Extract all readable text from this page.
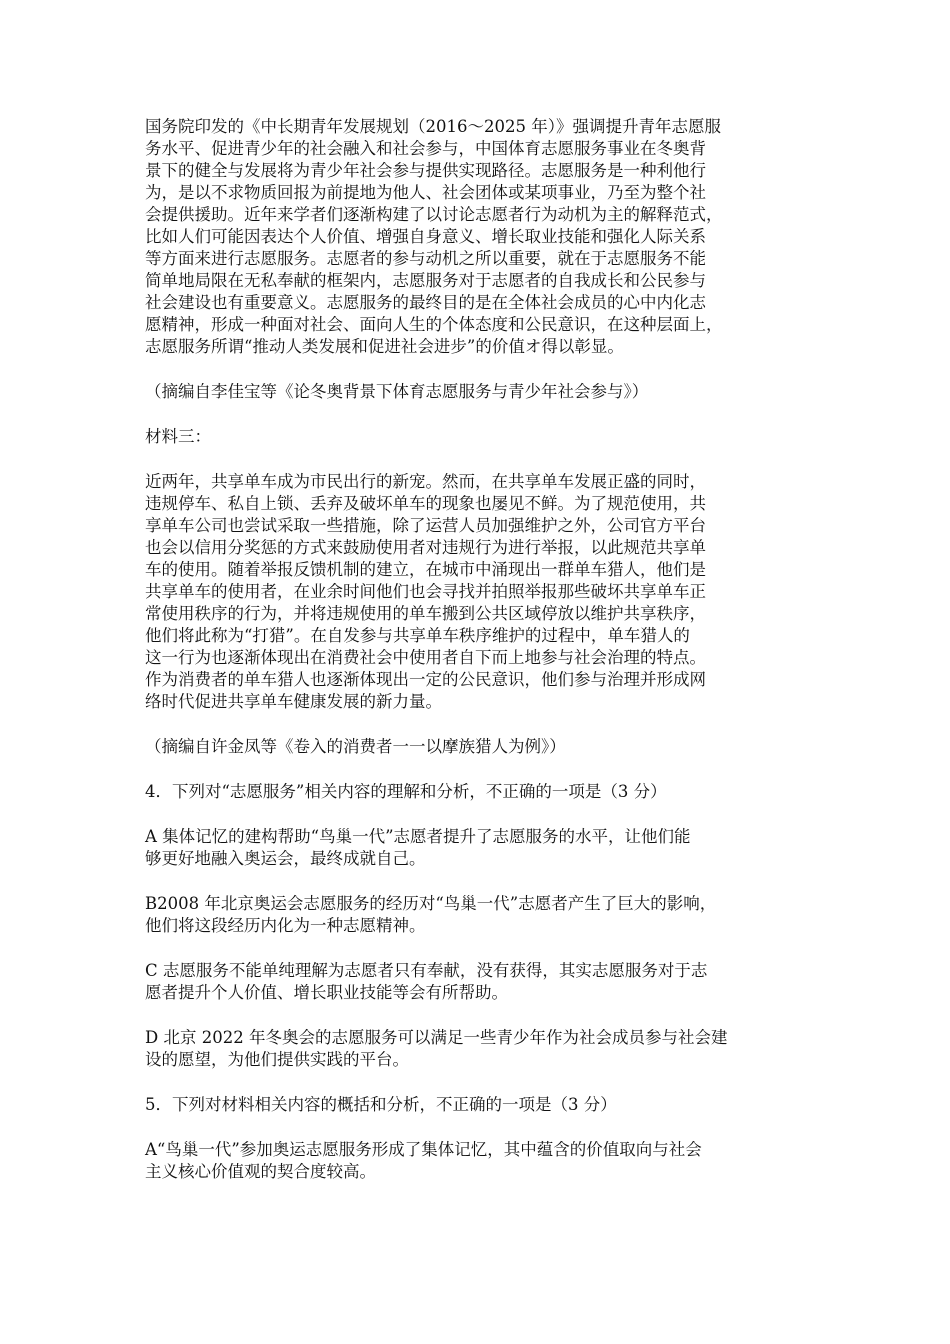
国务院印发的《中长期青年发展规划（2016～2025 年）》强调提升青年志愿服
务水平、促进青少年的社会融入和社会参与，中国体育志愿服务事业在冬奥背
景下的健全与发展将为青少年社会参与提供实现路径。志愿服务是一种利他行
为，是以不求物质回报为前提地为他人、社会团体或某项事业，乃至为整个社
会提供援助。近年来学者们逐渐构建了以讨论志愿者行为动机为主的解释范式，
比如人们可能因表达个人价值、增强自身意义、增长取业技能和强化人际关系
等方面来进行志愿服务。志愿者的参与动机之所以重要，就在于志愿服务不能
简单地局限在无私奉献的框架内，志愿服务对于志愿者的自我成长和公民参与
社会建设也有重要意义。志愿服务的最终目的是在全体社会成员的心中内化志
愿精神，形成一种面对社会、面向人生的个体态度和公民意识，在这种层面上，
志愿服务所谓“推动人类发展和促进社会进步”的价值オ得以彰显。

（摘编自李佳宝等《论冬奥背景下体育志愿服务与青少年社会参与》）

材料三：

近两年，共享单车成为市民出行的新宠。然而，在共享单车发展正盛的同时，
违规停车、私自上锁、丢弃及破坏单车的现象也屡见不鲜。为了规范使用，共
享单车公司也尝试采取一些措施，除了运营人员加强维护之外，公司官方平台
也会以信用分奖惩的方式来鼓励使用者对违规行为进行举报，以此规范共享单
车的使用。随着举报反馈机制的建立，在城市中涌现出一群单车猎人，他们是
共享单车的使用者，在业余时间他们也会寻找并拍照举报那些破坏共享单车正
常使用秩序的行为，并将违规使用的单车搬到公共区域停放以维护共享秩序，
他们将此称为“打猎”。在自发参与共享单车秩序维护的过程中，单车猎人的
这一行为也逐渐体现出在消费社会中使用者自下而上地参与社会治理的特点。
作为消费者的单车猎人也逐渐体现出一定的公民意识，他们参与治理并形成网
络时代促进共享单车健康发展的新力量。

（摘编自许金凤等《卷入的消费者一一以摩族猎人为例》）

4．下列对“志愿服务”相关内容的理解和分析，不正确的一项是（3 分）

A 集体记忆的建构帮助“鸟巢一代”志愿者提升了志愿服务的水平，让他们能
够更好地融入奥运会，最终成就自己。

B2008 年北京奥运会志愿服务的经历对“鸟巢一代”志愿者产生了巨大的影响，
他们将这段经历内化为一种志愿精神。

C 志愿服务不能单纯理解为志愿者只有奉献，没有获得，其实志愿服务对于志
愿者提升个人价值、增长职业技能等会有所帮助。

D 北京 2022 年冬奥会的志愿服务可以满足一些青少年作为社会成员参与社会建
设的愿望，为他们提供实践的平台。

5．下列对材料相关内容的概括和分析，不正确的一项是（3 分）

A“鸟巢一代”参加奥运志愿服务形成了集体记忆，其中蕴含的价值取向与社会
主义核心价值观的契合度较高。
